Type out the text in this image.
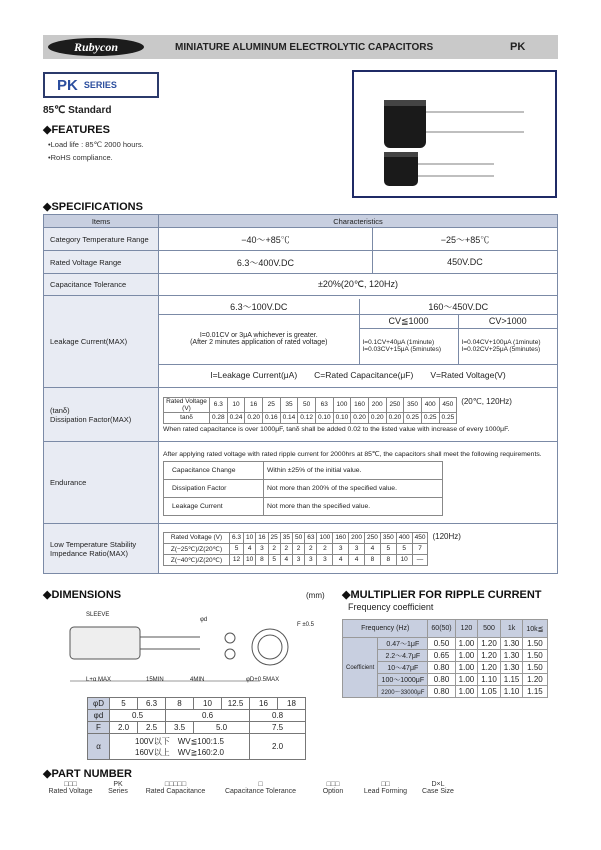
Rubycon	MINIATURE ALUMINUM ELECTROLYTIC CAPACITORS	PK
PK SERIES
85℃ Standard
◆FEATURES
•Load life : 85℃ 2000 hours.
•RoHS compliance.
◆SPECIFICATIONS
Items	Characteristics
Category Temperature Range	−40～+85℃	−25～+85℃
Rated Voltage Range	6.3～400V.DC	450V.DC
Capacitance Tolerance	±20%(20℃, 120Hz)
Leakage Current(MAX)	
6.3～100V.DC	160～450V.DC

I=0.01CV or 3μA whichever is greater.
(After 2 minutes application of rated voltage)
	CV≦1000	CV>1000

I=0.1CV+40μA (1minute)
I=0.03CV+15μA (5minutes)

I=0.04CV+100μA (1minute)
I=0.02CV+25μA (5minutes)

I=Leakage Current(μA)　　C=Rated Capacitance(μF)　　V=Rated Voltage(V)

(tanδ)
Dissipation Factor(MAX)

Rated Voltage (V)	6.3	10	16	25	35	50	63	100	160	200	250	350	400	450
tanδ	0.28	0.24	0.20	0.16	0.14	0.12	0.10	0.10	0.20	0.20	0.20	0.25	0.25	0.25
(20℃, 120Hz)
When rated capacitance is over 1000μF, tanδ shall be added 0.02 to the listed value with increase of every 1000μF.

Endurance	
After applying rated voltage with rated ripple current for 2000hrs at 85℃, the capacitors shall meet the following requirements.
Capacitance Change	Within ±25% of the initial value.
Dissipation Factor	Not more than 200% of the specified value.
Leakage Current	Not more than the specified value.

Low Temperature Stability
Impedance Ratio(MAX)

Rated Voltage (V)	6.3	10	16	25	35	50	63	100	160	200	250	350	400	450
Z(−25℃)/Z(20℃)	5	4	3	2	2	2	2	2	3	3	4	5	5	7
Z(−40℃)/Z(20℃)	12	10	8	5	4	3	3	3	4	4	8	8	10	—
(120Hz)
◆DIMENSIONS	(mm)
SLEEVE
φd
F ±0.5
L+α MAX	15MIN	4MIN	φD+0.5MAX
φD	5	6.3	8	10	12.5	16	18
φd	0.5		0.6			0.8	
F	2.0	2.5	3.5	5.0		7.5	
α	100V以下　WV≦100:1.5
160V以上　WV≧160:2.0					2.0	
◆MULTIPLIER FOR RIPPLE CURRENT
Frequency coefficient
Frequency (Hz)		60(50)	120	500	1k	10k≦
Coefficient	0.47～1μF	0.50	1.00	1.20	1.30	1.50
	2.2～4.7μF	0.65	1.00	1.20	1.30	1.50
	10～47μF	0.80	1.00	1.20	1.30	1.50
	100～1000μF	0.80	1.00	1.10	1.15	1.20
	2200～33000μF	0.80	1.00	1.05	1.10	1.15
◆PART NUMBER
□□□
Rated Voltage
PK
Series
□□□□□
Rated Capacitance
□
Capacitance Tolerance
□□□
Option
□□
Lead Forming
D×L
Case Size
